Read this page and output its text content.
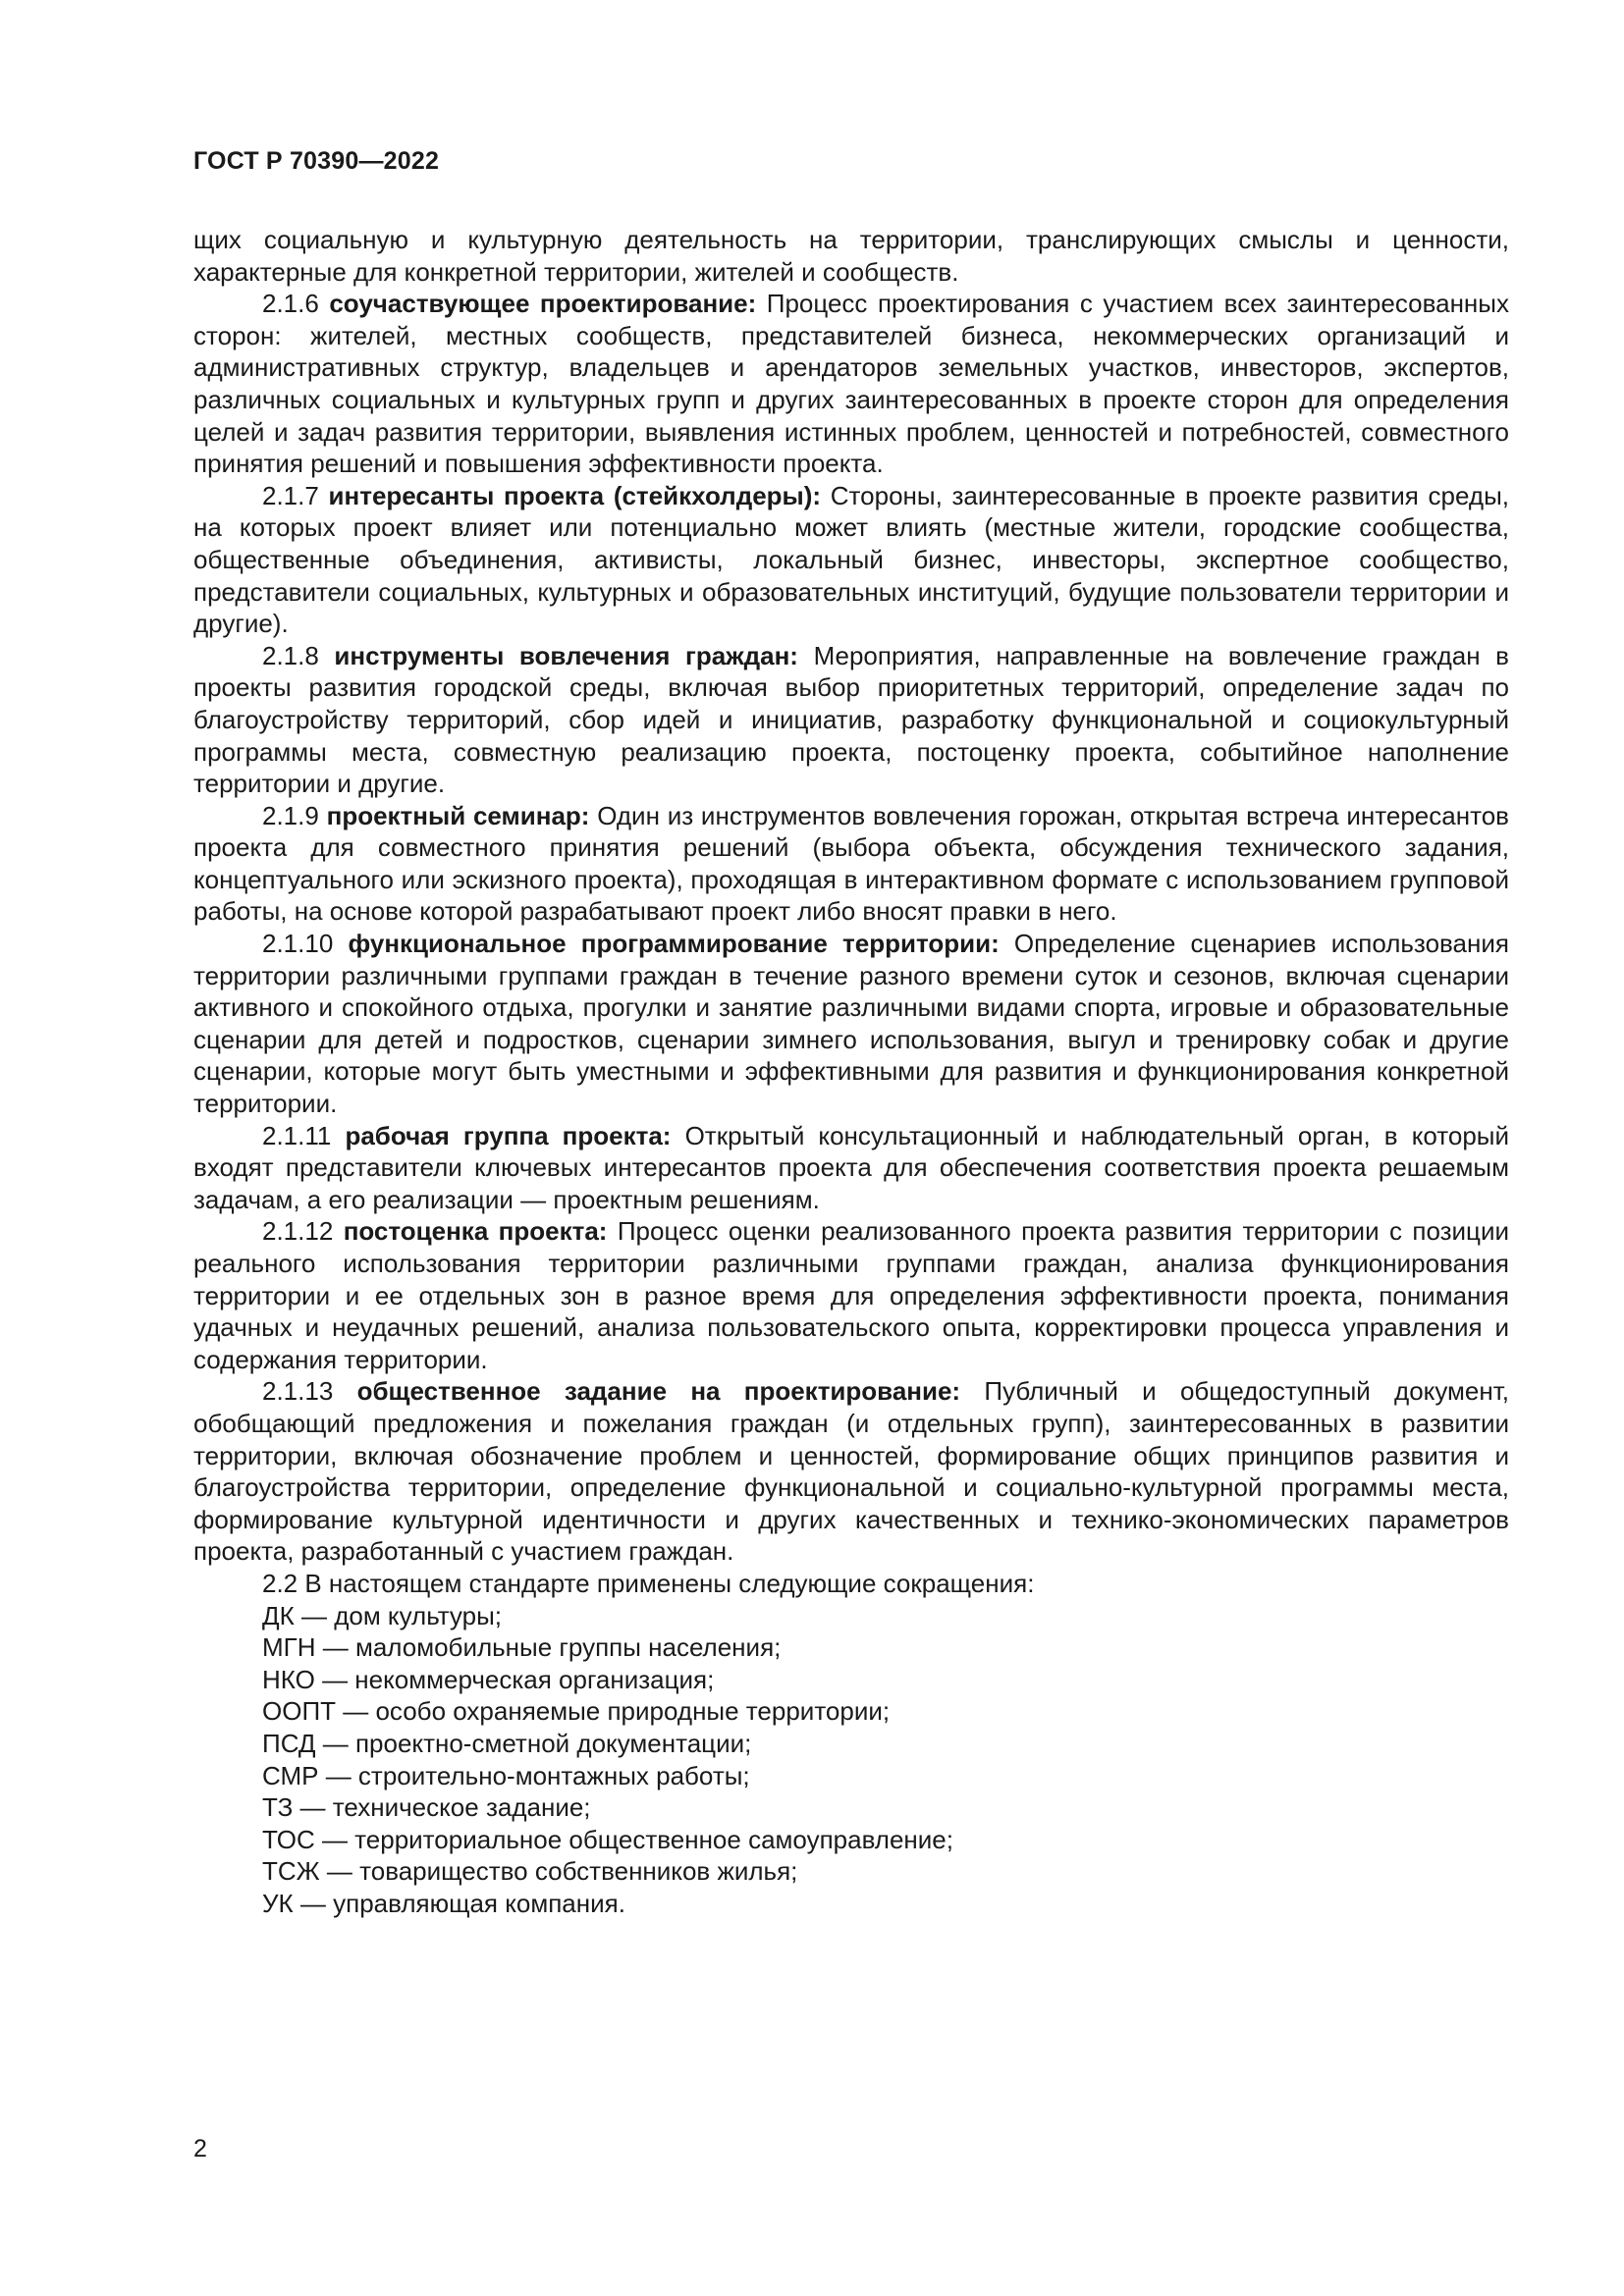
ГОСТ Р 70390—2022

щих социальную и культурную деятельность на территории, транслирующих смыслы и ценности, характерные для конкретной территории, жителей и сообществ.

2.1.6 соучаствующее проектирование: Процесс проектирования с участием всех заинтересованных сторон: жителей, местных сообществ, представителей бизнеса, некоммерческих организаций и административных структур, владельцев и арендаторов земельных участков, инвесторов, экспертов, различных социальных и культурных групп и других заинтересованных в проекте сторон для определения целей и задач развития территории, выявления истинных проблем, ценностей и потребностей, совместного принятия решений и повышения эффективности проекта.

2.1.7 интересанты проекта (стейкхолдеры): Стороны, заинтересованные в проекте развития среды, на которых проект влияет или потенциально может влиять (местные жители, городские сообщества, общественные объединения, активисты, локальный бизнес, инвесторы, экспертное сообщество, представители социальных, культурных и образовательных институций, будущие пользователи территории и другие).

2.1.8 инструменты вовлечения граждан: Мероприятия, направленные на вовлечение граждан в проекты развития городской среды, включая выбор приоритетных территорий, определение задач по благоустройству территорий, сбор идей и инициатив, разработку функциональной и социокультурный программы места, совместную реализацию проекта, постоценку проекта, событийное наполнение территории и другие.

2.1.9 проектный семинар: Один из инструментов вовлечения горожан, открытая встреча интересантов проекта для совместного принятия решений (выбора объекта, обсуждения технического задания, концептуального или эскизного проекта), проходящая в интерактивном формате с использованием групповой работы, на основе которой разрабатывают проект либо вносят правки в него.

2.1.10 функциональное программирование территории: Определение сценариев использования территории различными группами граждан в течение разного времени суток и сезонов, включая сценарии активного и спокойного отдыха, прогулки и занятие различными видами спорта, игровые и образовательные сценарии для детей и подростков, сценарии зимнего использования, выгул и тренировку собак и другие сценарии, которые могут быть уместными и эффективными для развития и функционирования конкретной территории.

2.1.11 рабочая группа проекта: Открытый консультационный и наблюдательный орган, в который входят представители ключевых интересантов проекта для обеспечения соответствия проекта решаемым задачам, а его реализации — проектным решениям.

2.1.12 постоценка проекта: Процесс оценки реализованного проекта развития территории с позиции реального использования территории различными группами граждан, анализа функционирования территории и ее отдельных зон в разное время для определения эффективности проекта, понимания удачных и неудачных решений, анализа пользовательского опыта, корректировки процесса управления и содержания территории.

2.1.13 общественное задание на проектирование: Публичный и общедоступный документ, обобщающий предложения и пожелания граждан (и отдельных групп), заинтересованных в развитии территории, включая обозначение проблем и ценностей, формирование общих принципов развития и благоустройства территории, определение функциональной и социально-культурной программы места, формирование культурной идентичности и других качественных и технико-экономических параметров проекта, разработанный с участием граждан.

2.2 В настоящем стандарте применены следующие сокращения:

ДК — дом культуры;

МГН — маломобильные группы населения;

НКО — некоммерческая организация;

ООПТ — особо охраняемые природные территории;

ПСД — проектно-сметной документации;

СМР — строительно-монтажных работы;

ТЗ — техническое задание;

ТОС — территориальное общественное самоуправление;

ТСЖ — товарищество собственников жилья;

УК — управляющая компания.

2
